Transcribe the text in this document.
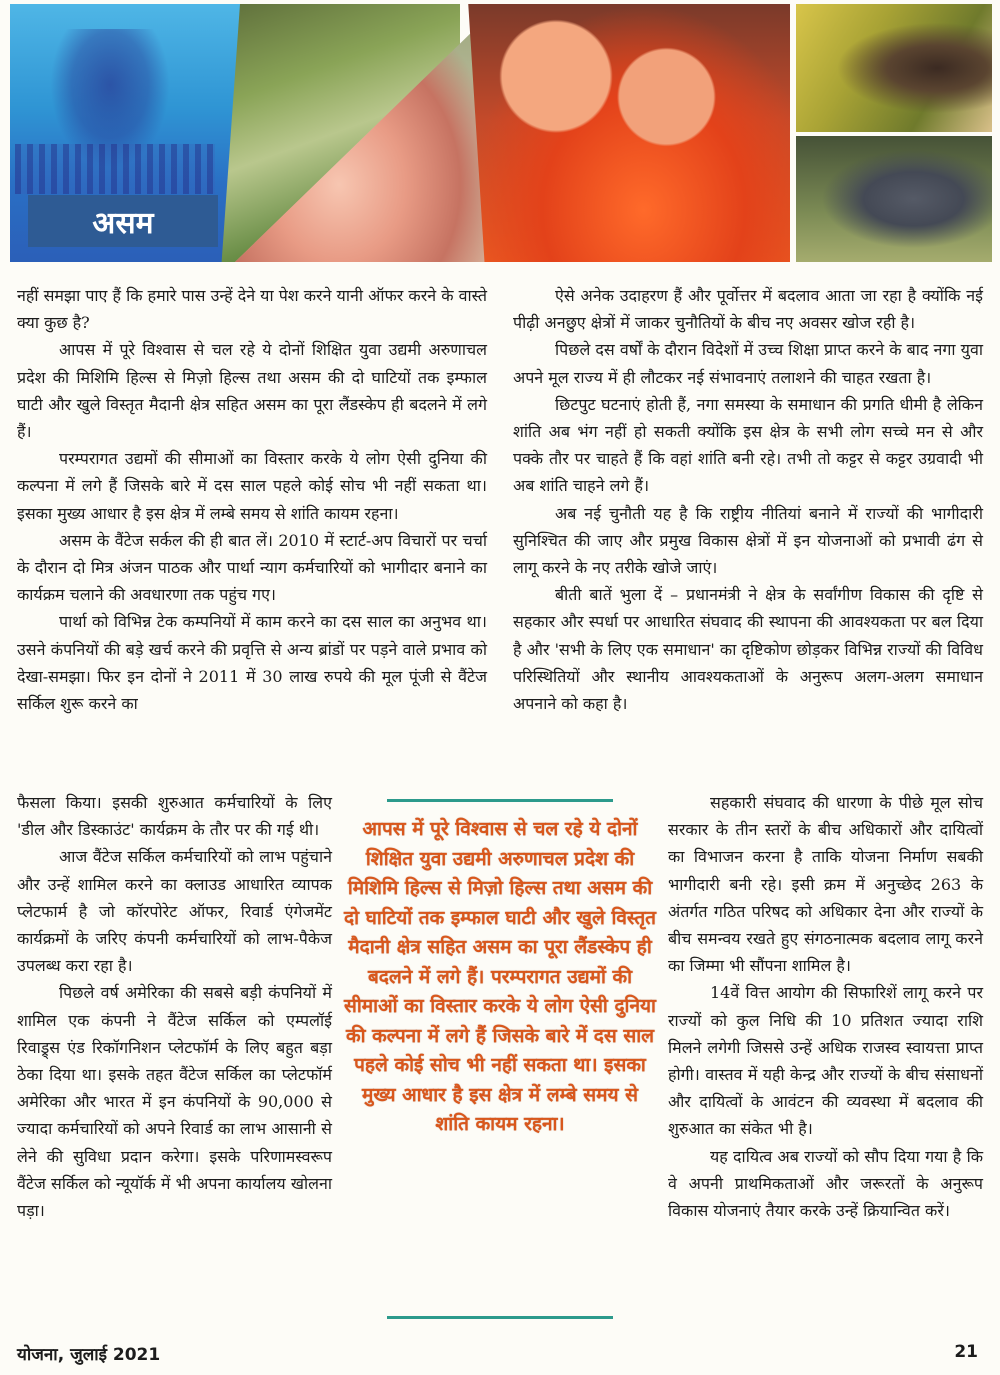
असम

नहीं समझा पाए हैं कि हमारे पास उन्हें देने या पेश करने यानी ऑफर करने के वास्ते क्या कुछ है?

आपस में पूरे विश्वास से चल रहे ये दोनों शिक्षित युवा उद्यमी अरुणाचल प्रदेश की मिशिमि हिल्स से मिज़ो हिल्स तथा असम की दो घाटियों तक इम्फाल घाटी और खुले विस्तृत मैदानी क्षेत्र सहित असम का पूरा लैंडस्केप ही बदलने में लगे हैं।

परम्परागत उद्यमों की सीमाओं का विस्तार करके ये लोग ऐसी दुनिया की कल्पना में लगे हैं जिसके बारे में दस साल पहले कोई सोच भी नहीं सकता था। इसका मुख्य आधार है इस क्षेत्र में लम्बे समय से शांति कायम रहना।

असम के वैंटेज सर्कल की ही बात लें। 2010 में स्टार्ट-अप विचारों पर चर्चा के दौरान दो मित्र अंजन पाठक और पार्था न्याग कर्मचारियों को भागीदार बनाने का कार्यक्रम चलाने की अवधारणा तक पहुंच गए।

पार्था को विभिन्न टेक कम्पनियों में काम करने का दस साल का अनुभव था। उसने कंपनियों की बड़े खर्च करने की प्रवृत्ति से अन्य ब्रांडों पर पड़ने वाले प्रभाव को देखा-समझा। फिर इन दोनों ने 2011 में 30 लाख रुपये की मूल पूंजी से वैंटेज सर्किल शुरू करने का

फैसला किया। इसकी शुरुआत कर्मचारियों के लिए 'डील और डिस्काउंट' कार्यक्रम के तौर पर की गई थी।

आज वैंटेज सर्किल कर्मचारियों को लाभ पहुंचाने और उन्हें शामिल करने का क्लाउड आधारित व्यापक प्लेटफार्म है जो कॉरपोरेट ऑफर, रिवार्ड एंगेजमेंट कार्यक्रमों के जरिए कंपनी कर्मचारियों को लाभ-पैकेज उपलब्ध करा रहा है।

पिछले वर्ष अमेरिका की सबसे बड़ी कंपनियों में शामिल एक कंपनी ने वैंटेज सर्किल को एम्पलॉई रिवाड्र्स एंड रिकॉगनिशन प्लेटफॉर्म के लिए बहुत बड़ा ठेका दिया था। इसके तहत वैंटेज सर्किल का प्लेटफॉर्म अमेरिका और भारत में इन कंपनियों के 90,000 से ज्यादा कर्मचारियों को अपने रिवार्ड का लाभ आसानी से लेने की सुविधा प्रदान करेगा। इसके परिणामस्वरूप वैंटेज सर्किल को न्यूयॉर्क में भी अपना कार्यालय खोलना पड़ा।

ऐसे अनेक उदाहरण हैं और पूर्वोत्तर में बदलाव आता जा रहा है क्योंकि नई पीढ़ी अनछुए क्षेत्रों में जाकर चुनौतियों के बीच नए अवसर खोज रही है।

पिछले दस वर्षों के दौरान विदेशों में उच्च शिक्षा प्राप्त करने के बाद नगा युवा अपने मूल राज्य में ही लौटकर नई संभावनाएं तलाशने की चाहत रखता है।

छिटपुट घटनाएं होती हैं, नगा समस्या के समाधान की प्रगति धीमी है लेकिन शांति अब भंग नहीं हो सकती क्योंकि इस क्षेत्र के सभी लोग सच्चे मन से और पक्के तौर पर चाहते हैं कि वहां शांति बनी रहे। तभी तो कट्टर से कट्टर उग्रवादी भी अब शांति चाहने लगे हैं।

अब नई चुनौती यह है कि राष्ट्रीय नीतियां बनाने में राज्यों की भागीदारी सुनिश्चित की जाए और प्रमुख विकास क्षेत्रों में इन योजनाओं को प्रभावी ढंग से लागू करने के नए तरीके खोजे जाएं।

बीती बातें भुला दें – प्रधानमंत्री ने क्षेत्र के सर्वांगीण विकास की दृष्टि से सहकार और स्पर्धा पर आधारित संघवाद की स्थापना की आवश्यकता पर बल दिया है और 'सभी के लिए एक समाधान' का दृष्टिकोण छोड़कर विभिन्न राज्यों की विविध परिस्थितियों और स्थानीय आवश्यकताओं के अनुरूप अलग-अलग समाधान अपनाने को कहा है।

सहकारी संघवाद की धारणा के पीछे मूल सोच सरकार के तीन स्तरों के बीच अधिकारों और दायित्वों का विभाजन करना है ताकि योजना निर्माण सबकी भागीदारी बनी रहे। इसी क्रम में अनुच्छेद 263 के अंतर्गत गठित परिषद को अधिकार देना और राज्यों के बीच समन्वय रखते हुए संगठनात्मक बदलाव लागू करने का जिम्मा भी सौंपना शामिल है।

14वें वित्त आयोग की सिफारिशें लागू करने पर राज्यों को कुल निधि की 10 प्रतिशत ज्यादा राशि मिलने लगेगी जिससे उन्हें अधिक राजस्व स्वायत्ता प्राप्त होगी। वास्तव में यही केन्द्र और राज्यों के बीच संसाधनों और दायित्वों के आवंटन की व्यवस्था में बदलाव की शुरुआत का संकेत भी है।

यह दायित्व अब राज्यों को सौप दिया गया है कि वे अपनी प्राथमिकताओं और जरूरतों के अनुरूप विकास योजनाएं तैयार करके उन्हें क्रियान्वित करें।

आपस में पूरे विश्वास से चल रहे ये दोनों शिक्षित युवा उद्यमी अरुणाचल प्रदेश की मिशिमि हिल्स से मिज़ो हिल्स तथा असम की दो घाटियों तक इम्फाल घाटी और खुले विस्तृत मैदानी क्षेत्र सहित असम का पूरा लैंडस्केप ही बदलने में लगे हैं। परम्परागत उद्यमों की सीमाओं का विस्तार करके ये लोग ऐसी दुनिया की कल्पना में लगे हैं जिसके बारे में दस साल पहले कोई सोच भी नहीं सकता था। इसका मुख्य आधार है इस क्षेत्र में लम्बे समय से शांति कायम रहना।
योजना, जुलाई 2021	21
